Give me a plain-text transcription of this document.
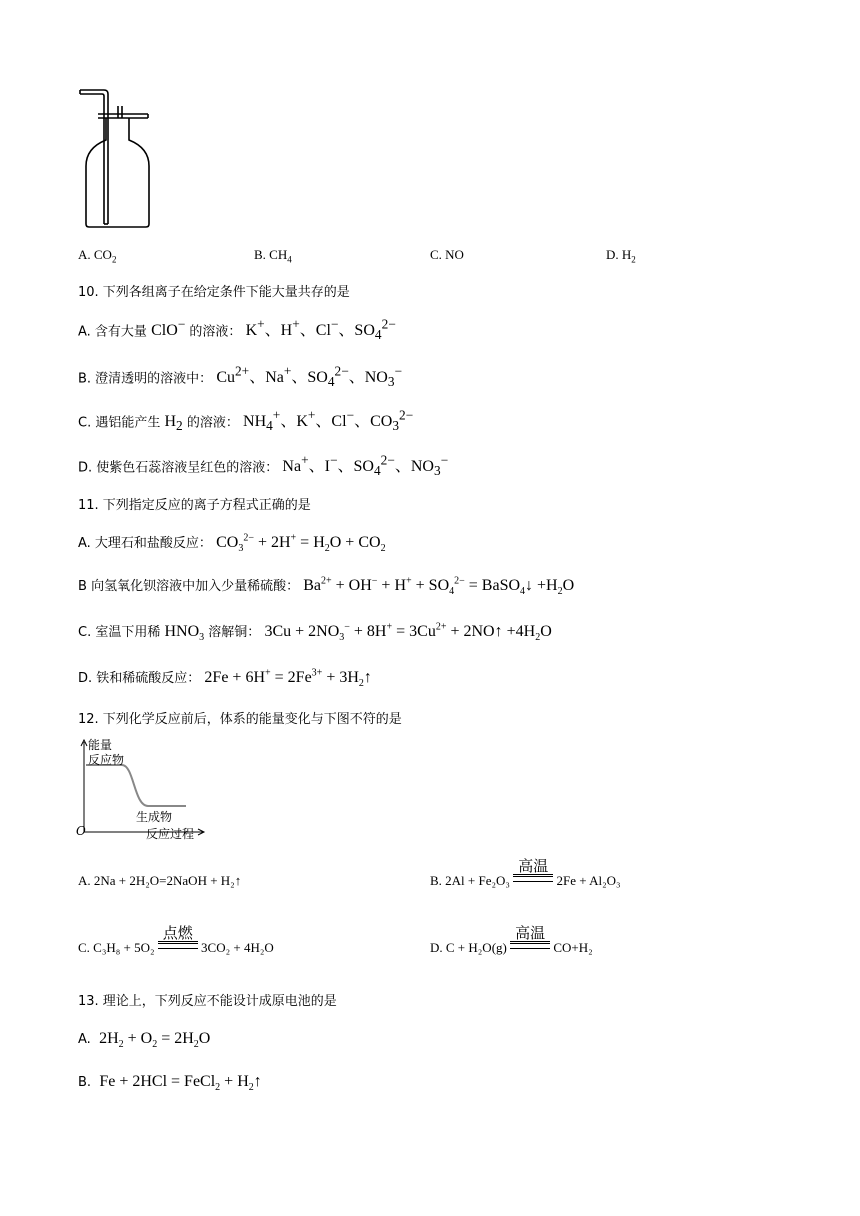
A. $CO_2$	B. $CH_4$	C. NO	D. $H_2$
10. 下列各组离子在给定条件下能大量共存的是
A. 含有大量 ClO− 的溶液： K+、H+、Cl−、$SO_4^{2-}$
B. 澄清透明的溶液中： $Cu^{2+}$、Na+、$SO_4^{2-}$、$NO_3^-$
C. 遇铝能产生 $H_2$ 的溶液： $NH_4^+$、K+、Cl−、$CO_3^{2-}$
D. 使紫色石蕊溶液呈红色的溶液： Na+、I−、$SO_4^{2-}$、$NO_3^-$
11. 下列指定反应的离子方程式正确的是
A. 大理石和盐酸反应： $CO_3^{2-} + 2H^+ = H_2O + CO_2$
B 向氢氧化钡溶液中加入少量稀硫酸： $Ba^{2+} + OH^- + H^+ + SO_4^{2-}$ = BaSO$_4$↓ $+H_2O$
C. 室温下用稀 $HNO_3$ 溶解铜： $3Cu + 2NO_3^- + 8H^+ = 3Cu^{2+}$ + 2NO↑ $+4H_2O$
D. 铁和稀硫酸反应： $2Fe + 6H^+ = 2Fe^{3+}$ + $3H_2↑$
12. 下列化学反应前后，体系的能量变化与下图不符的是
能量
反应物
生成物
反应过程
O
A. 2Na + 2H₂O=2NaOH + H₂↑	B. 2Al + Fe₂O₃
高温
2Fe + Al₂O₃
C. C₃H₈ + 5O₂
点燃
3CO₂ + 4H₂O	D. C + H₂O(g)
高温
CO+H₂
13. 理论上，下列反应不能设计成原电池的是
A. $2H_2 + O_2 = 2H_2O$
B. Fe + 2HCl = FeCl$_2$ + $H_2↑$
